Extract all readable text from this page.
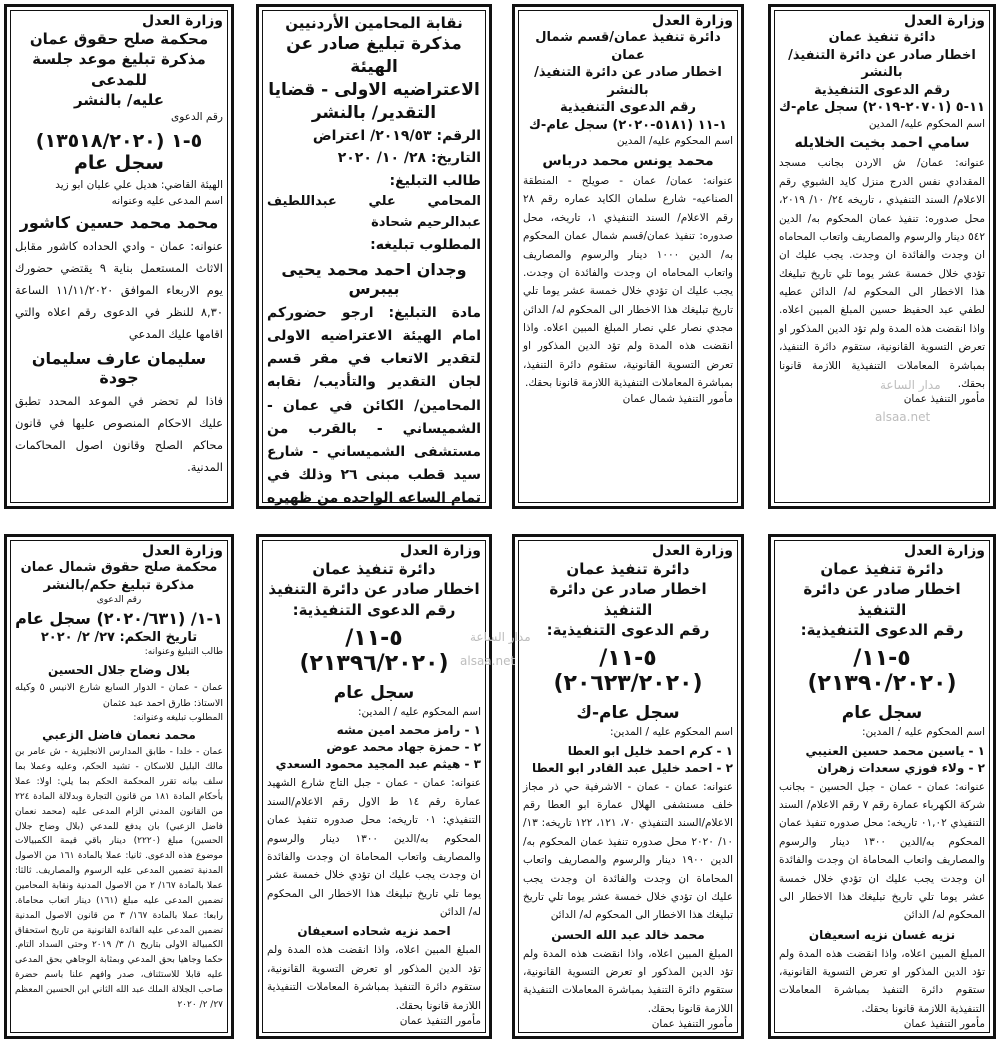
وزارة العدل
دائرة تنفيذ عمان
اخطار صادر عن دائرة التنفيذ/بالنشر
رقم الدعوى التنفيذية
١١-٥ (٢٠٧٠١-٢٠١٩) سجل عام-ك
اسم المحكوم عليه/ المدين
سامي احمد بخيت الخلايله

عنوانه: عمان/ ش الاردن بجانب مسجد المقدادي نفس الدرج منزل كايد الشبوي رقم الاعلام/ السند التنفيذي ، تاريخه ٢٤/ ١٠/ ٢٠١٩، محل صدوره: تنفيذ عمان المحكوم به/ الدين ٥٤٢ دينار والرسوم والمصاريف واتعاب المحاماه ان وجدت والفائدة ان وجدت. يجب عليك ان تؤدي خلال خمسة عشر يوما تلي تاريخ تبليغك هذا الاخطار الى المحكوم له/ الدائن عطيه لطفي عبد الحفيظ حسين المبلغ المبين اعلاه. واذا انقضت هذه المدة ولم تؤد الدين المذكور او تعرض التسوية القانونية، ستقوم دائرة التنفيذ، بمباشرة المعاملات التنفيذية اللازمة قانونا بحقك.

مأمور التنفيذ عمان
وزارة العدل
دائرة تنفيذ عمان/قسم شمال عمان
اخطار صادر عن دائرة التنفيذ/بالنشر
رقم الدعوى التنفيذية
١-١١ (٥١٨١-٢٠٢٠) سجل عام-ك
اسم المحكوم عليه/ المدين
محمد يونس محمد درباس

عنوانه: عمان/ عمان - صويلح - المنطقة الصناعيه- شارع سلمان الكايد عماره رقم ٢٨ رقم الاعلام/ السند التنفيذي ١، تاريخه، محل صدوره: تنفيذ عمان/قسم شمال عمان المحكوم به/ الدين ١٠٠٠ دينار والرسوم والمصاريف واتعاب المحاماه ان وجدت والفائدة ان وجدت. يجب عليك ان تؤدي خلال خمسة عشر يوما تلي تاريخ تبليغك هذا الاخطار الى المحكوم له/ الدائن مجدي نصار علي نصار المبلغ المبين اعلاه. واذا انقضت هذه المدة ولم تؤد الدين المذكور او تعرض التسوية القانونية، ستقوم دائرة التنفيذ، بمباشرة المعاملات التنفيذية اللازمة قانونا بحقك.

مأمور التنفيذ شمال عمان
نقابة المحامين الأردنيين
مذكرة تبليغ صادر عن الهيئة
الاعتراضيه الاولى - قضايا
التقدير/ بالنشر
الرقم: ٢٠١٩/٥٣/ اعتراض
التاريخ: ٢٨/ ١٠/ ٢٠٢٠
طالب التبليغ:
المحامي علي عبداللطيف عبدالرحيم شحادة
المطلوب تبليغه:
وجدان احمد محمد يحيى بيبرس

مادة التبليغ: ارجو حضوركم امام الهيئة الاعتراضيه الاولى لتقدير الاتعاب في مقر قسم لجان التقدير والتأديب/ نقابه المحامين/ الكائن في عمان - الشميساني - بالقرب من مستشفى الشميساني - شارع سيد قطب مبنى ٢٦ وذلك في تمام الساعه الواحده من ظهيره

وزارة العدل
محكمة صلح حقوق عمان
مذكرة تبليغ موعد جلسة للمدعى
عليه/ بالنشر
رقم الدعوى
٥-١ (١٣٥١٨/٢٠٢٠) سجل عام
الهيئة القاضي: هديل علي عليان ابو زيد
اسم المدعى عليه وعنوانه
محمد محمد حسين كاشور

عنوانه: عمان - وادي الحداده كاشور مقابل الاثاث المستعمل بناية ٩ يقتضي حضورك يوم الاربعاء الموافق ١١/١١/٢٠٢٠ الساعة ٨,٣٠ للنظر في الدعوى رقم اعلاه والتي اقامها عليك المدعي

سليمان عارف سليمان جودة

فاذا لم تحضر في الموعد المحدد تطبق عليك الاحكام المنصوص عليها في قانون محاكم الصلح وقانون اصول المحاكمات المدنية.

وزارة العدل
دائرة تنفيذ عمان
اخطار صادر عن دائرة التنفيذ
رقم الدعوى التنفيذية:
٥-١١/ (٢١٣٩٠/٢٠٢٠)
سجل عام
اسم المحكوم عليه / المدين:
١ - ياسين محمد حسين العنيبي
٢ - ولاء فوزي سعدات زهران

عنوانه: عمان - عمان - جبل الحسين - بجانب شركة الكهرباء عمارة رقم ٧ رقم الاعلام/ السند التنفيذي ٠١,٠٢ تاريخه: محل صدوره تنفيذ عمان المحكوم به/الدين ١٣٠٠ دينار والرسوم والمصاريف واتعاب المحاماة ان وجدت والفائدة ان وجدت يجب عليك ان تؤدي خلال خمسة عشر يوما تلي تاريخ تبليغك هذا الاخطار الى المحكوم له/ الدائن

نزيه غسان نزيه اسعيفان

المبلغ المبين اعلاه، واذا انقضت هذه المدة ولم تؤد الدين المذكور او تعرض التسوية القانونية، ستقوم دائرة التنفيذ بمباشرة المعاملات التنفيذية اللازمة قانونا بحقك.

مأمور التنفيذ عمان
وزارة العدل
دائرة تنفيذ عمان
اخطار صادر عن دائرة التنفيذ
رقم الدعوى التنفيذية:
٥-١١/ (٢٠٦٢٣/٢٠٢٠)
سجل عام-ك
اسم المحكوم عليه / المدين:
١ - كرم احمد خليل ابو العطا
٢ - احمد خليل عبد القادر ابو العطا

عنوانه: عمان - عمان - الاشرفية حي ذر مجاز خلف مستشفى الهلال عمارة ابو العطا رقم الاعلام/السند التنفيذي ٧٠، ١٢١، ١٢٢ تاريخه: ١٣/ ١٠/ ٢٠٢٠ محل صدوره تنفيذ عمان المحكوم به/الدين ١٩٠٠ دينار والرسوم والمصاريف واتعاب المحاماة ان وجدت والفائدة ان وجدت يجب عليك ان تؤدي خلال خمسة عشر يوما تلي تاريخ تبليغك هذا الاخطار الى المحكوم له/ الدائن

محمد خالد عبد الله الحسن

المبلغ المبين اعلاه، واذا انقضت هذه المدة ولم تؤد الدين المذكور او تعرض التسوية القانونية، ستقوم دائرة التنفيذ بمباشرة المعاملات التنفيذية اللازمة قانونا بحقك.

مأمور التنفيذ عمان
وزارة العدل
دائرة تنفيذ عمان
اخطار صادر عن دائرة التنفيذ
رقم الدعوى التنفيذية:
٥-١١/ (٢١٣٩٦/٢٠٢٠)
سجل عام
اسم المحكوم عليه / المدين:
١ - رامز محمد امين مشه
٢ - حمزة جهاد محمد عوض
٣ - هيثم عبد المجيد محمود السعدي

عنوانه: عمان - عمان - جبل التاج شارع الشهيد عمارة رقم ١٤ ط الاول رقم الاعلام/السند التنفيذي: ٠١ تاريخه: محل صدوره تنفيذ عمان المحكوم به/الدين ١٣٠٠ دينار والرسوم والمصاريف واتعاب المحاماة ان وجدت والفائدة ان وجدت يجب عليك ان تؤدي خلال خمسة عشر يوما تلي تاريخ تبليغك هذا الاخطار الى المحكوم له/ الدائن

احمد نزيه شحاده اسعيفان

المبلغ المبين اعلاه، واذا انقضت هذه المدة ولم تؤد الدين المذكور او تعرض التسوية القانونية، ستقوم دائرة التنفيذ بمباشرة المعاملات التنفيذية اللازمة قانونا بحقك.

مأمور التنفيذ عمان
وزارة العدل
محكمة صلح حقوق شمال عمان
مذكرة تبليغ حكم/بالنشر
رقم الدعوى
١-١/ (٢٠٢٠/٦٣١) سجل عام
تاريخ الحكم: ٢٧/ ٢/ ٢٠٢٠
طالب التبليغ وعنوانه:
بلال وضاح جلال الحسين
عمان - عمان - الدوار السابع شارع الانيس ٥ وكيله الاستاذ: طارق احمد عبد عثمان
المطلوب تبليغه وعنوانه:
محمد نعمان فاضل الزعبي

عمان - خلدا - طابق المدارس الانجليزية - ش عامر بن مالك البليل للاسكان - تشيد الحكم، وعليه وعملا بما سلف بيانه تقرر المحكمة الحكم بما يلي: اولا: عملا بأحكام المادة ١٨١ من قانون التجارة وبدلالة المادة ٢٢٤ من القانون المدني الزام المدعى عليه (محمد نعمان فاضل الزعبي) بان يدفع للمدعي (بلال وضاح جلال الحسين) مبلغ (٢٢٢٠) دينار باقي قيمة الكمبيالات موضوع هذه الدعوى. ثانيا: عملا بالمادة ١٦١ من الاصول المدنية تضمين المدعى عليه الرسوم والمصاريف. ثالثا: عملا بالمادة ١٦٧/ ٢ من الاصول المدنية ونقابة المحامين تضمين المدعى عليه مبلغ (١٦١) دينار اتعاب محاماة. رابعا: عملا بالمادة ١٦٧/ ٣ من قانون الاصول المدنية تضمين المدعى عليه الفائدة القانونية من تاريخ استحقاق الكمبيالة الاولى بتاريخ ١/ ٣/ ٢٠١٩ وحتى السداد التام. حكما وجاهيا بحق المدعي وبمثابة الوجاهي بحق المدعى عليه قابلا للاستئناف، صدر وافهم علنا باسم حضرة صاحب الجلالة الملك عبد الله الثاني ابن الحسين المعظم ٢٧/ ٢/ ٢٠٢٠

مدار الساعة
alsaa.net
مدار الساعة
alsaa.net
